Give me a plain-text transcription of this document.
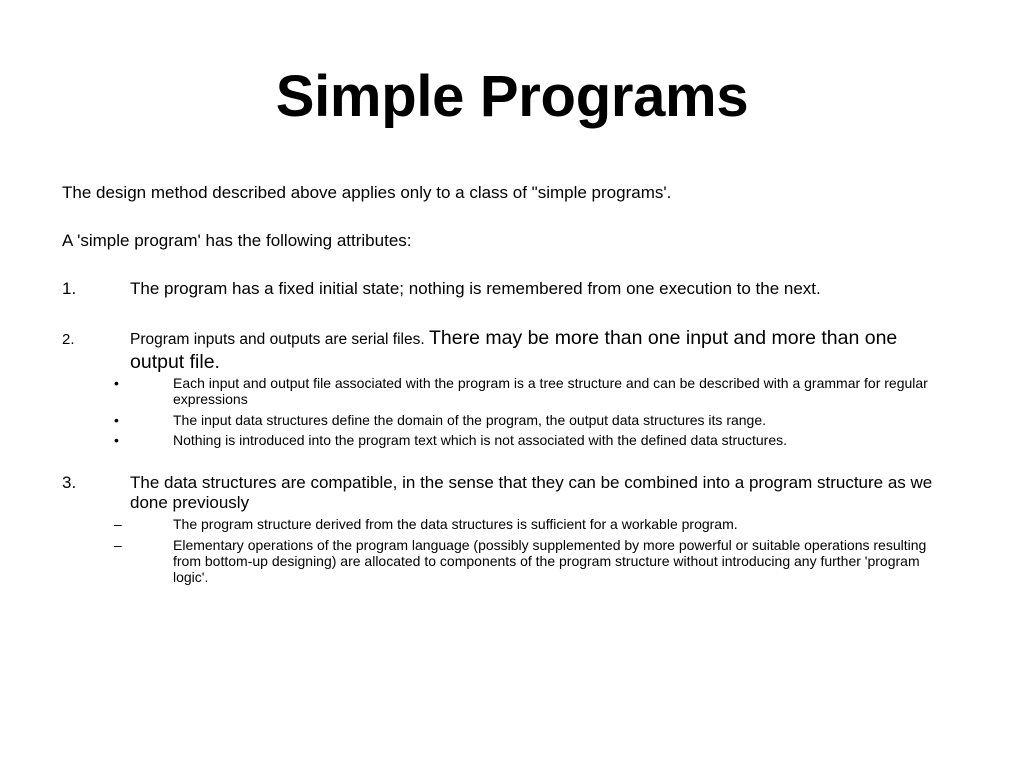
Simple Programs
The design method described above applies only to a class of "simple programs'.
A 'simple program' has the following attributes:
1.	The program has a fixed initial state; nothing is remembered from one execution to the next.
2.	Program inputs and outputs are serial files. There may be more than one input and more than one output file.
•	Each input and output file associated with the program is a tree structure and can be described with a grammar for regular expressions
•	The input data structures define the domain of the program, the output data structures its range.
•	Nothing is introduced into the program text which is not associated with the defined data structures.
3.	The data structures are compatible, in the sense that they can be combined into a program structure as we done previously
–	The program structure derived from the data structures is sufficient for a workable program.
–	Elementary operations of the program language (possibly supplemented by more powerful or suitable operations resulting from bottom-up designing) are allocated to components of the program structure without introducing any further 'program logic'.
